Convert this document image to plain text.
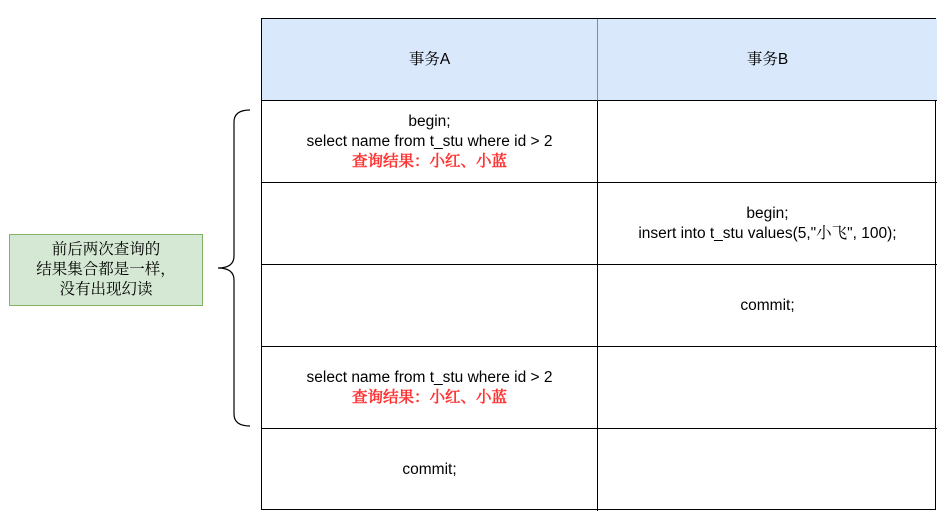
事务A	事务B
begin;
select name from t_stu where id > 2
查询结果：小红、小蓝
begin;
insert into t_stu values(5,"小飞", 100);
commit;
select name from t_stu where id > 2
查询结果：小红、小蓝
commit;
前后两次查询的
结果集合都是一样，
没有出现幻读
